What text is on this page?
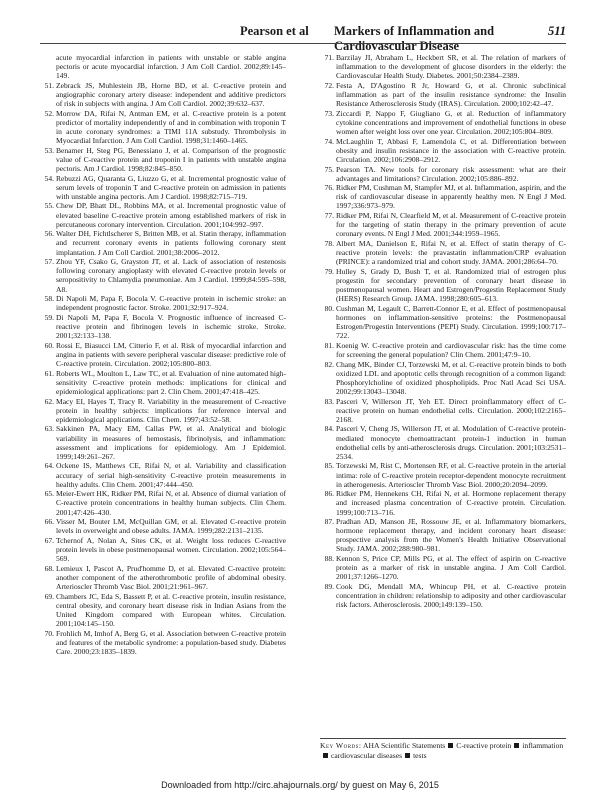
Pearson et al Markers of Inflammation and Cardiovascular Disease
511
acute myocardial infarction in patients with unstable or stable angina pectoris or acute myocardial infarction. J Am Coll Cardiol. 2002;89:145–149.
51. Zebrack JS, Muhlestein JB, Horne BD, et al. C-reactive protein and angiographic coronary artery disease: independent and additive predictors of risk in subjects with angina. J Am Coll Cardiol. 2002;39:632–637.
52. Morrow DA, Rifai N, Antman EM, et al. C-reactive protein is a potent predictor of mortality independently of and in combination with troponin T in acute coronary syndromes: a TIMI 11A substudy. Thrombolysis in Myocardial Infarction. J Am Coll Cardiol. 1998;31:1460–1465.
53. Benamer H, Steg PG, Benessiano J, et al. Comparison of the prognostic value of C-reactive protein and troponin I in patients with unstable angina pectoris. Am J Cardiol. 1998;82:845–850.
54. Rebuzzi AG, Quaranta G, Liuzzo G, et al. Incremental prognostic value of serum levels of troponin T and C-reactive protein on admission in patients with unstable angina pectoris. Am J Cardiol. 1998;82:715–719.
55. Chew DP, Bhatt DL, Robbins MA, et al. Incremental prognostic value of elevated baseline C-reactive protein among established markers of risk in percutaneous coronary intervention. Circulation. 2001;104:992–997.
56. Walter DH, Fichtlscherer S, Britten MB, et al. Statin therapy, inflammation and recurrent coronary events in patients following coronary stent implantation. J Am Coll Cardiol. 2001;38:2006–2012.
57. Zhou YF, Csako G, Grayston JT, et al. Lack of association of restenosis following coronary angioplasty with elevated C-reactive protein levels or seropositivity to Chlamydia pneumoniae. Am J Cardiol. 1999;84:595–598, A8.
58. Di Napoli M, Papa F, Bocola V. C-reactive protein in ischemic stroke: an independent prognostic factor. Stroke. 2001;32:917–924.
59. Di Napoli M, Papa F, Bocola V. Prognostic influence of increased C-reactive protein and fibrinogen levels in ischemic stroke. Stroke. 2001;32:133–138.
60. Rossi E, Biasucci LM, Citterio F, et al. Risk of myocardial infarction and angina in patients with severe peripheral vascular disease: predictive role of C-reactive protein. Circulation. 2002;105:800–803.
61. Roberts WL, Moulton L, Law TC, et al. Evaluation of nine automated high-sensitivity C-reactive protein methods: implications for clinical and epidemiological applications: part 2. Clin Chem. 2001;47:418–425.
62. Macy EI, Hayes T, Tracy R. Variability in the measurement of C-reactive protein in healthy subjects: implications for reference interval and epidemiological applications. Clin Chem. 1997;43:52–58.
63. Sakkinen PA, Macy EM, Callas PW, et al. Analytical and biologic variability in measures of hemostasis, fibrinolysis, and inflammation: assessment and implications for epidemiology. Am J Epidemiol. 1999;149:261–267.
64. Ockene IS, Matthews CE, Rifai N, et al. Variability and classification accuracy of serial high-sensitivity C-reactive protein measurements in healthy adults. Clin Chem. 2001;47:444–450.
65. Meier-Ewert HK, Ridker PM, Rifai N, et al. Absence of diurnal variation of C-reactive protein concentrations in healthy human subjects. Clin Chem. 2001;47:426–430.
66. Visser M, Bouter LM, McQuillan GM, et al. Elevated C-reactive protein levels in overweight and obese adults. JAMA. 1999;282:2131–2135.
67. Tchernof A, Nolan A, Sites CK, et al. Weight loss reduces C-reactive protein levels in obese postmenopausal women. Circulation. 2002;105:564–569.
68. Lemieux I, Pascot A, Prud'homme D, et al. Elevated C-reactive protein: another component of the atherothrombotic profile of abdominal obesity. Arterioscler Thromb Vasc Biol. 2001;21:961–967.
69. Chambers JC, Eda S, Bassett P, et al. C-reactive protein, insulin resistance, central obesity, and coronary heart disease risk in Indian Asians from the United Kingdom compared with European whites. Circulation. 2001;104:145–150.
70. Frohlich M, Imhof A, Berg G, et al. Association between C-reactive protein and features of the metabolic syndrome: a population-based study. Diabetes Care. 2000;23:1835–1839.
71. Barzilay JI, Abraham L, Heckbert SR, et al. The relation of markers of inflammation to the development of glucose disorders in the elderly: the Cardiovascular Health Study. Diabetes. 2001;50:2384–2389.
72. Festa A, D'Agostino R Jr, Howard G, et al. Chronic subclinical inflammation as part of the insulin resistance syndrome: the Insulin Resistance Atherosclerosis Study (IRAS). Circulation. 2000;102:42–47.
73. Ziccardi P, Nappo F, Giugliano G, et al. Reduction of inflammatory cytokine concentrations and improvement of endothelial functions in obese women after weight loss over one year. Circulation. 2002;105:804–809.
74. McLaughlin T, Abbasi F, Lamendola C, et al. Differentiation between obesity and insulin resistance in the association with C-reactive protein. Circulation. 2002;106:2908–2912.
75. Pearson TA. New tools for coronary risk assessment: what are their advantages and limitations? Circulation. 2002;105:886–892.
76. Ridker PM, Cushman M, Stampfer MJ, et al. Inflammation, aspirin, and the risk of cardiovascular disease in apparently healthy men. N Engl J Med. 1997;336:973–979.
77. Ridker PM, Rifai N, Clearfield M, et al. Measurement of C-reactive protein for the targeting of statin therapy in the primary prevention of acute coronary events. N Engl J Med. 2001;344:1959–1965.
78. Albert MA, Danielson E, Rifai N, et al. Effect of statin therapy of C-reactive protein levels: the pravastatin inflammation/CRP evaluation (PRINCE): a randomized trial and cohort study. JAMA. 2001;286:64–70.
79. Hulley S, Grady D, Bush T, et al. Randomized trial of estrogen plus progestin for secondary prevention of coronary heart disease in postmenopausal women. Heart and Estrogen/Progestin Replacement Study (HERS) Research Group. JAMA. 1998;280:605–613.
80. Cushman M, Legault C, Barrett-Connor E, et al. Effect of postmenopausal hormones on inflammation-sensitive proteins: the Postmenopausal Estrogen/Progestin Interventions (PEPI) Study. Circulation. 1999;100:717–722.
81. Koenig W. C-reactive protein and cardiovascular risk: has the time come for screening the general population? Clin Chem. 2001;47:9–10.
82. Chang MK, Binder CJ, Torzewski M, et al. C-reactive protein binds to both oxidized LDL and apoptotic cells through recognition of a common ligand: Phosphorylcholine of oxidized phospholipids. Proc Natl Acad Sci USA. 2002;99:13043–13048.
83. Pasceri V, Willerson JT, Yeh ET. Direct proinflammatory effect of C-reactive protein on human endothelial cells. Circulation. 2000;102:2165–2168.
84. Pasceri V, Cheng JS, Willerson JT, et al. Modulation of C-reactive protein-mediated monocyte chemoattractant protein-1 induction in human endothelial cells by anti-atherosclerosis drugs. Circulation. 2001;103:2531–2534.
85. Torzewski M, Rist C, Mortensen RF, et al. C-reactive protein in the arterial intima: role of C-reactive protein receptor-dependent monocyte recruitment in atherogenesis. Arterioscler Thromb Vasc Biol. 2000;20:2094–2099.
86. Ridker PM, Hennekens CH, Rifai N, et al. Hormone replacement therapy and increased plasma concentration of C-reactive protein. Circulation. 1999;100:713–716.
87. Pradhan AD, Manson JE, Rossouw JE, et al. Inflammatory biomarkers, hormone replacement therapy, and incident coronary heart disease: prospective analysis from the Women's Health Initiative Observational Study. JAMA. 2002;288:980–981.
88. Kennon S, Price CP, Mills PG, et al. The effect of aspirin on C-reactive protein as a marker of risk in unstable angina. J Am Coll Cardiol. 2001;37:1266–1270.
89. Cook DG, Mendall MA, Whincup PH, et al. C-reactive protein concentration in children: relationship to adiposity and other cardiovascular risk factors. Atherosclerosis. 2000;149:139–150.
Key Words: AHA Scientific Statements C-reactive protein inflammationcardiovascular diseases tests
Downloaded from http://circ.ahajournals.org/ by guest on May 6, 2015
